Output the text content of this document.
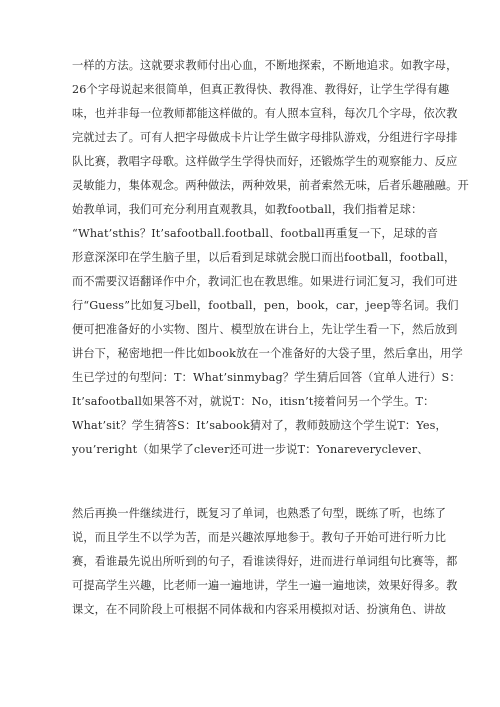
一样的方法。这就要求教师付出心血，不断地探索，不断地追求。如教字母，
26个字母说起来很简单，但真正教得快、教得准、教得好，让学生学得有趣
味，也并非每一位教师都能这样做的。有人照本宣科，每次几个字母，依次教
完就过去了。可有人把字母做成卡片让学生做字母排队游戏，分组进行字母排
队比赛，教唱字母歌。这样做学生学得快而好，还锻炼学生的观察能力、反应
灵敏能力，集体观念。两种做法，两种效果，前者索然无味，后者乐趣融融。开
始教单词，我们可充分利用直观教具，如教football，我们指着足球：
“What’sthis？It’safootball.football、football再重复一下，足球的音
形意深深印在学生脑子里，以后看到足球就会脱口而出football，football，
而不需要汉语翻译作中介，教词汇也在教思维。如果进行词汇复习，我们可进
行“Guess”比如复习bell，football，pen，book，car，jeep等名词。我们
便可把准备好的小实物、图片、模型放在讲台上，先让学生看一下，然后放到
讲台下，秘密地把一件比如book放在一个准备好的大袋子里，然后拿出，用学
生已学过的句型问：T：What’sinmybag？学生猜后回答（宜单人进行）S：
It’safootball如果答不对，就说T：No，itisn’t接着问另一个学生。T：
What’sit？学生猜答S：It’sabook猜对了，教师鼓励这个学生说T：Yes，
you’reright（如果学了clever还可进一步说T：Yonareveryclever、
然后再换一件继续进行，既复习了单词，也熟悉了句型，既练了听，也练了
说，而且学生不以学为苦，而是兴趣浓厚地参于。教句子开始可进行听力比
赛，看谁最先说出所听到的句子，看谁读得好，进而进行单词组句比赛等，都
可提高学生兴趣，比老师一遍一遍地讲，学生一遍一遍地读，效果好得多。教
课文，在不同阶段上可根据不同体裁和内容采用模拟对话、扮演角色、讲故
